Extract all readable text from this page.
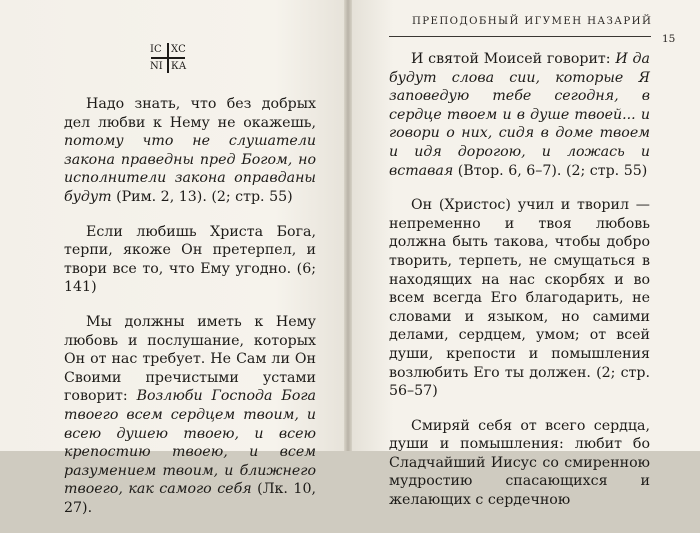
IС ХС
NI КА

Надо знать, что без добрых дел любви к Нему не окажешь, потому что не слушатели закона праведны пред Богом, но исполнители закона оправданы будут (Рим. 2, 13). (2; стр. 55)

Если любишь Христа Бога, терпи, якоже Он претерпел, и твори все то, что Ему угодно. (6; 141)

Мы должны иметь к Нему любовь и послушание, которых Он от нас требует. Не Сам ли Он Своими пречистыми устами говорит: Возлюби Господа Бога твоего всем сердцем твоим, и всею душею твоею, и всею крепостию твоею, и всем разумением твоим, и ближнего твоего, как самого себя (Лк. 10, 27).

ПРЕПОДОБНЫЙ ИГУМЕН НАЗАРИЙ
15

И святой Моисей говорит: И да будут слова сии, которые Я заповедую тебе сегодня, в сердце твоем и в душе твоей... и говори о них, сидя в доме твоем и идя дорогою, и ложась и вставая (Втор. 6, 6–7). (2; стр. 55)

Он (Христос) учил и творил — непременно и твоя любовь должна быть такова, чтобы добро творить, терпеть, не смущаться в находящих на нас скорбях и во всем всегда Его благодарить, не словами и языком, но самими делами, сердцем, умом; от всей души, крепости и помышления возлюбить Его ты должен. (2; стр. 56–57)

Смиряй себя от всего сердца, души и помышления: любит бо Сладчайший Иисус со смиренною мудростию спасающихся и желающих с сердечною
